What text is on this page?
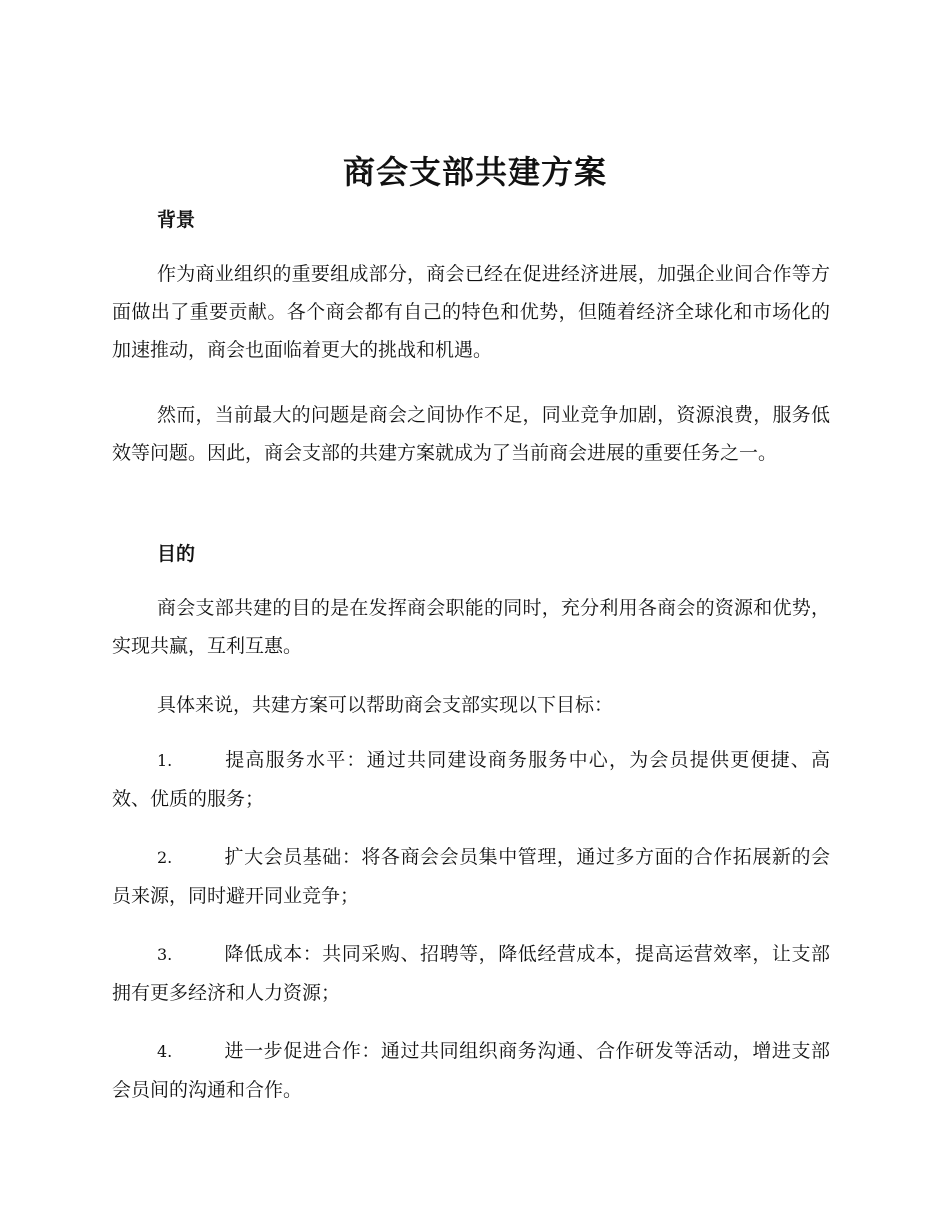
商会支部共建方案
背景

作为商业组织的重要组成部分，商会已经在促进经济进展，加强企业间合作等方面做出了重要贡献。各个商会都有自己的特色和优势，但随着经济全球化和市场化的加速推动，商会也面临着更大的挑战和机遇。

然而，当前最大的问题是商会之间协作不足，同业竞争加剧，资源浪费，服务低效等问题。因此，商会支部的共建方案就成为了当前商会进展的重要任务之一。

目的

商会支部共建的目的是在发挥商会职能的同时，充分利用各商会的资源和优势，实现共赢，互利互惠。

具体来说，共建方案可以帮助商会支部实现以下目标：

1.	提高服务水平：通过共同建设商务服务中心，为会员提供更便捷、高效、优质的服务；

2.	扩大会员基础：将各商会会员集中管理，通过多方面的合作拓展新的会员来源，同时避开同业竞争；

3.	降低成本：共同采购、招聘等，降低经营成本，提高运营效率，让支部拥有更多经济和人力资源；

4.	进一步促进合作：通过共同组织商务沟通、合作研发等活动，增进支部会员间的沟通和合作。
